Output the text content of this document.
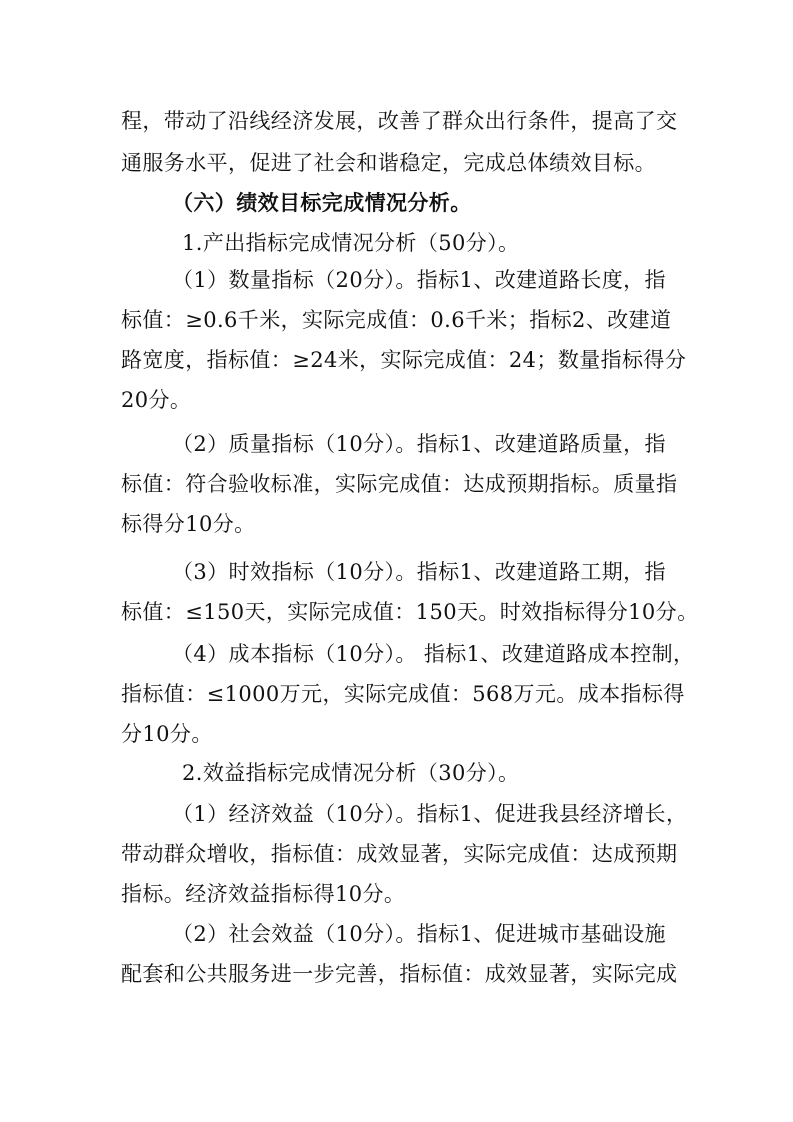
程，带动了沿线经济发展，改善了群众出行条件，提高了交
通服务水平，促进了社会和谐稳定，完成总体绩效目标。
（六）绩效目标完成情况分析。
1.产出指标完成情况分析（50分）。
（1）数量指标（20分）。指标1、改建道路长度，指
标值：≥0.6千米，实际完成值：0.6千米；指标2、改建道
路宽度，指标值：≥24米，实际完成值：24；数量指标得分
20分。
（2）质量指标（10分）。指标1、改建道路质量，指
标值：符合验收标准，实际完成值：达成预期指标。质量指
标得分10分。
（3）时效指标（10分）。指标1、改建道路工期，指
标值：≤150天，实际完成值：150天。时效指标得分10分。
（4）成本指标（10分）。 指标1、改建道路成本控制，
指标值：≤1000万元，实际完成值：568万元。成本指标得
分10分。
2.效益指标完成情况分析（30分）。
（1）经济效益（10分）。指标1、促进我县经济增长，
带动群众增收，指标值：成效显著，实际完成值：达成预期
指标。经济效益指标得10分。
（2）社会效益（10分）。指标1、促进城市基础设施
配套和公共服务进一步完善，指标值：成效显著，实际完成
